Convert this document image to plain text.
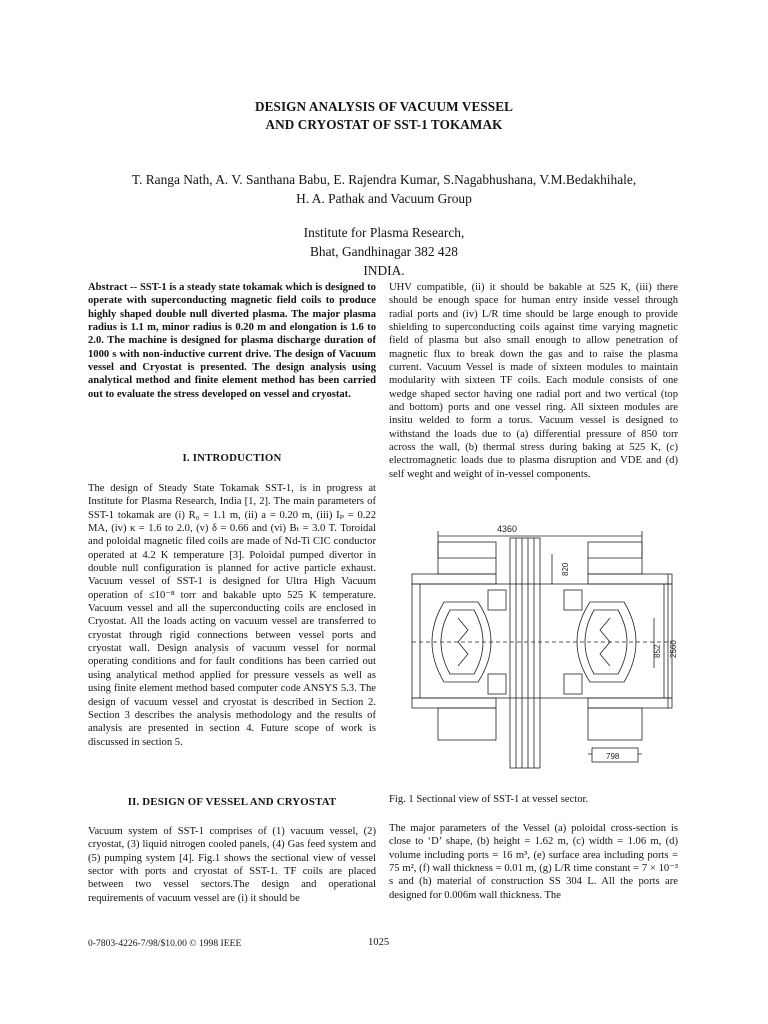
DESIGN ANALYSIS OF VACUUM VESSEL
AND CRYOSTAT OF SST-1 TOKAMAK
T. Ranga Nath, A. V. Santhana Babu, E. Rajendra Kumar, S.Nagabhushana, V.M.Bedakhihale,
H. A. Pathak and Vacuum Group
Institute for Plasma Research,
Bhat, Gandhinagar 382 428
INDIA.

Abstract -- SST-1 is a steady state tokamak which is designed to operate with superconducting magnetic field coils to produce highly shaped double null diverted plasma. The major plasma radius is 1.1 m, minor radius is 0.20 m and elongation is 1.6 to 2.0. The machine is designed for plasma discharge duration of 1000 s with non-inductive current drive. The design of Vacuum vessel and Cryostat is presented. The design analysis using analytical method and finite element method has been carried out to evaluate the stress developed on vessel and cryostat.

I. INTRODUCTION

The design of Steady State Tokamak SST-1, is in progress at Institute for Plasma Research, India [1, 2]. The main parameters of SST-1 tokamak are (i) R₀ = 1.1 m, (ii) a = 0.20 m, (iii) Iₚ = 0.22 MA, (iv) κ = 1.6 to 2.0, (v) δ = 0.66 and (vi) Bₜ = 3.0 T. Toroidal and poloidal magnetic filed coils are made of Nd-Ti CIC conductor operated at 4.2 K temperature [3]. Poloidal pumped divertor in double null configuration is planned for active particle exhaust. Vacuum vessel of SST-1 is designed for Ultra High Vacuum operation of ≤10⁻⁸ torr and bakable upto 525 K temperature. Vacuum vessel and all the superconducting coils are enclosed in Cryostat. All the loads acting on vacuum vessel are transferred to cryostat through rigid connections between vessel ports and cryostat wall. Design analysis of vacuum vessel for normal operating conditions and for fault conditions has been carried out using analytical method applied for pressure vessels as well as using finite element method based computer code ANSYS 5.3. The design of vacuum vessel and cryostat is described in Section 2. Section 3 describes the analysis methodology and the results of analysis are presented in section 4. Future scope of work is discussed in section 5.

II. DESIGN OF VESSEL AND CRYOSTAT

Vacuum system of SST-1 comprises of (1) vacuum vessel, (2) cryostat, (3) liquid nitrogen cooled panels, (4) Gas feed system and (5) pumping system [4]. Fig.1 shows the sectional view of vessel sector with ports and cryostat of SST-1. TF coils are placed between two vessel sectors.The design and operational requirements of vacuum vessel are (i) it should be

UHV compatible, (ii) it should be bakable at 525 K, (iii) there should be enough space for human entry inside vessel through radial ports and (iv) L/R time should be large enough to provide shielding to superconducting coils against time varying magnetic field of plasma but also small enough to allow penetration of magnetic flux to break down the gas and to raise the plasma current. Vacuum Vessel is made of sixteen modules to maintain modularity with sixteen TF coils. Each module consists of one wedge shaped sector having one radial port and two vertical (top and bottom) ports and one vessel ring. All sixteen modules are insitu welded to form a torus. Vacuum vessel is designed to withstand the loads due to (a) differential pressure of 850 torr across the wall, (b) thermal stress during baking at 525 K, (c) electromagnetic loads due to plasma disruption and VDE and (d) self weght and weight of in-vessel components.

4360
820
852 2560
798
Fig. 1 Sectional view of SST-1 at vessel sector.

The major parameters of the Vessel (a) poloidal cross-section is close to ‘D’ shape, (b) height = 1.62 m, (c) width = 1.06 m, (d) volume including ports = 16 m³, (e) surface area including ports = 75 m², (f) wall thickness = 0.01 m, (g) L/R time constant = 7 × 10⁻³ s and (h) material of construction SS 304 L. All the ports are designed for 0.006m wall thickness. The

0-7803-4226-7/98/$10.00 © 1998 IEEE	1025
